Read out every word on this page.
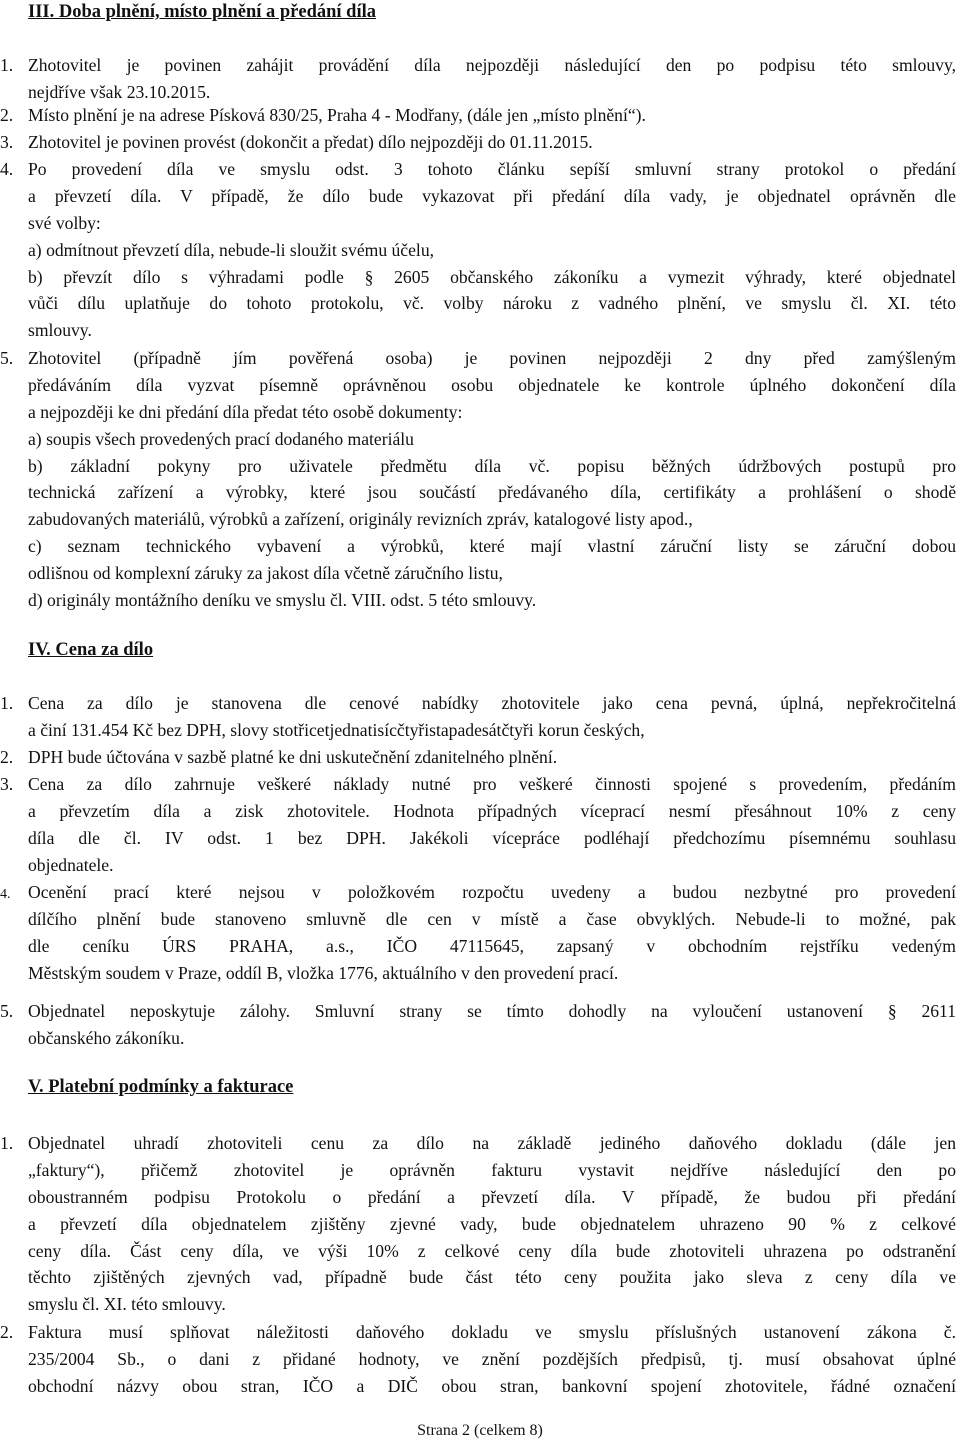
III. Doba plnění, místo plnění a předání díla
1. Zhotovitel je povinen zahájit provádění díla nejpozději následující den po podpisu této smlouvy,
nejdříve však 23.10.2015.
2. Místo plnění je na adrese Písková 830/25, Praha 4 - Modřany, (dále jen „místo plnění“).
3. Zhotovitel je povinen provést (dokončit a předat) dílo nejpozději do 01.11.2015.
4. Po provedení díla ve smyslu odst. 3 tohoto článku sepíší smluvní strany protokol o předání
a převzetí díla. V případě, že dílo bude vykazovat při předání díla vady, je objednatel oprávněn dle
své volby:
a) odmítnout převzetí díla, nebude-li sloužit svému účelu,
b) převzít dílo s výhradami podle § 2605 občanského zákoníku a vymezit výhrady, které objednatel
vůči dílu uplatňuje do tohoto protokolu, vč. volby nároku z vadného plnění, ve smyslu čl. XI. této
smlouvy.
5. Zhotovitel (případně jím pověřená osoba) je povinen nejpozději 2 dny před zamýšleným
předáváním díla vyzvat písemně oprávněnou osobu objednatele ke kontrole úplného dokončení díla
a nejpozději ke dni předání díla předat této osobě dokumenty:
a) soupis všech provedených prací dodaného materiálu
b) základní pokyny pro uživatele předmětu díla vč. popisu běžných údržbových postupů pro
technická zařízení a výrobky, které jsou součástí předávaného díla, certifikáty a prohlášení o shodě
zabudovaných materiálů, výrobků a zařízení, originály revizních zpráv, katalogové listy apod.,
c) seznam technického vybavení a výrobků, které mají vlastní záruční listy se záruční dobou
odlišnou od komplexní záruky za jakost díla včetně záručního listu,
d) originály montážního deníku ve smyslu čl. VIII. odst. 5 této smlouvy.
IV. Cena za dílo
1. Cena za dílo je stanovena dle cenové nabídky zhotovitele jako cena pevná, úplná, nepřekročitelná
a činí 131.454 Kč bez DPH, slovy stotřicetjednatisícčtyřistapadesátčtyři korun českých,
2. DPH bude účtována v sazbě platné ke dni uskutečnění zdanitelného plnění.
3. Cena za dílo zahrnuje veškeré náklady nutné pro veškeré činnosti spojené s provedením, předáním
a převzetím díla a zisk zhotovitele. Hodnota případných víceprací nesmí přesáhnout 10% z ceny
díla dle čl. IV odst. 1 bez DPH. Jakékoli vícepráce podléhají předchozímu písemnému souhlasu
objednatele.
4. Ocenění prací které nejsou v položkovém rozpočtu uvedeny a budou nezbytné pro provedení
dílčího plnění bude stanoveno smluvně dle cen v místě a čase obvyklých. Nebude-li to možné, pak
dle ceníku ÚRS PRAHA, a.s., IČO 47115645, zapsaný v obchodním rejstříku vedeným
Městským soudem v Praze, oddíl B, vložka 1776, aktuálního v den provedení prací.
5. Objednatel neposkytuje zálohy. Smluvní strany se tímto dohodly na vyloučení ustanovení § 2611
občanského zákoníku.
V. Platební podmínky a fakturace
1. Objednatel uhradí zhotoviteli cenu za dílo na základě jediného daňového dokladu (dále jen
„faktury“), přičemž zhotovitel je oprávněn fakturu vystavit nejdříve následující den po
oboustranném podpisu Protokolu o předání a převzetí díla. V případě, že budou při předání
a převzetí díla objednatelem zjištěny zjevné vady, bude objednatelem uhrazeno 90 % z celkové
ceny díla. Část ceny díla, ve výši 10% z celkové ceny díla bude zhotoviteli uhrazena po odstranění
těchto zjištěných zjevných vad, případně bude část této ceny použita jako sleva z ceny díla ve
smyslu čl. XI. této smlouvy.
2. Faktura musí splňovat náležitosti daňového dokladu ve smyslu příslušných ustanovení zákona č.
235/2004 Sb., o dani z přidané hodnoty, ve znění pozdějších předpisů, tj. musí obsahovat úplné
obchodní názvy obou stran, IČO a DIČ obou stran, bankovní spojení zhotovitele, řádné označení
Strana 2 (celkem 8)
